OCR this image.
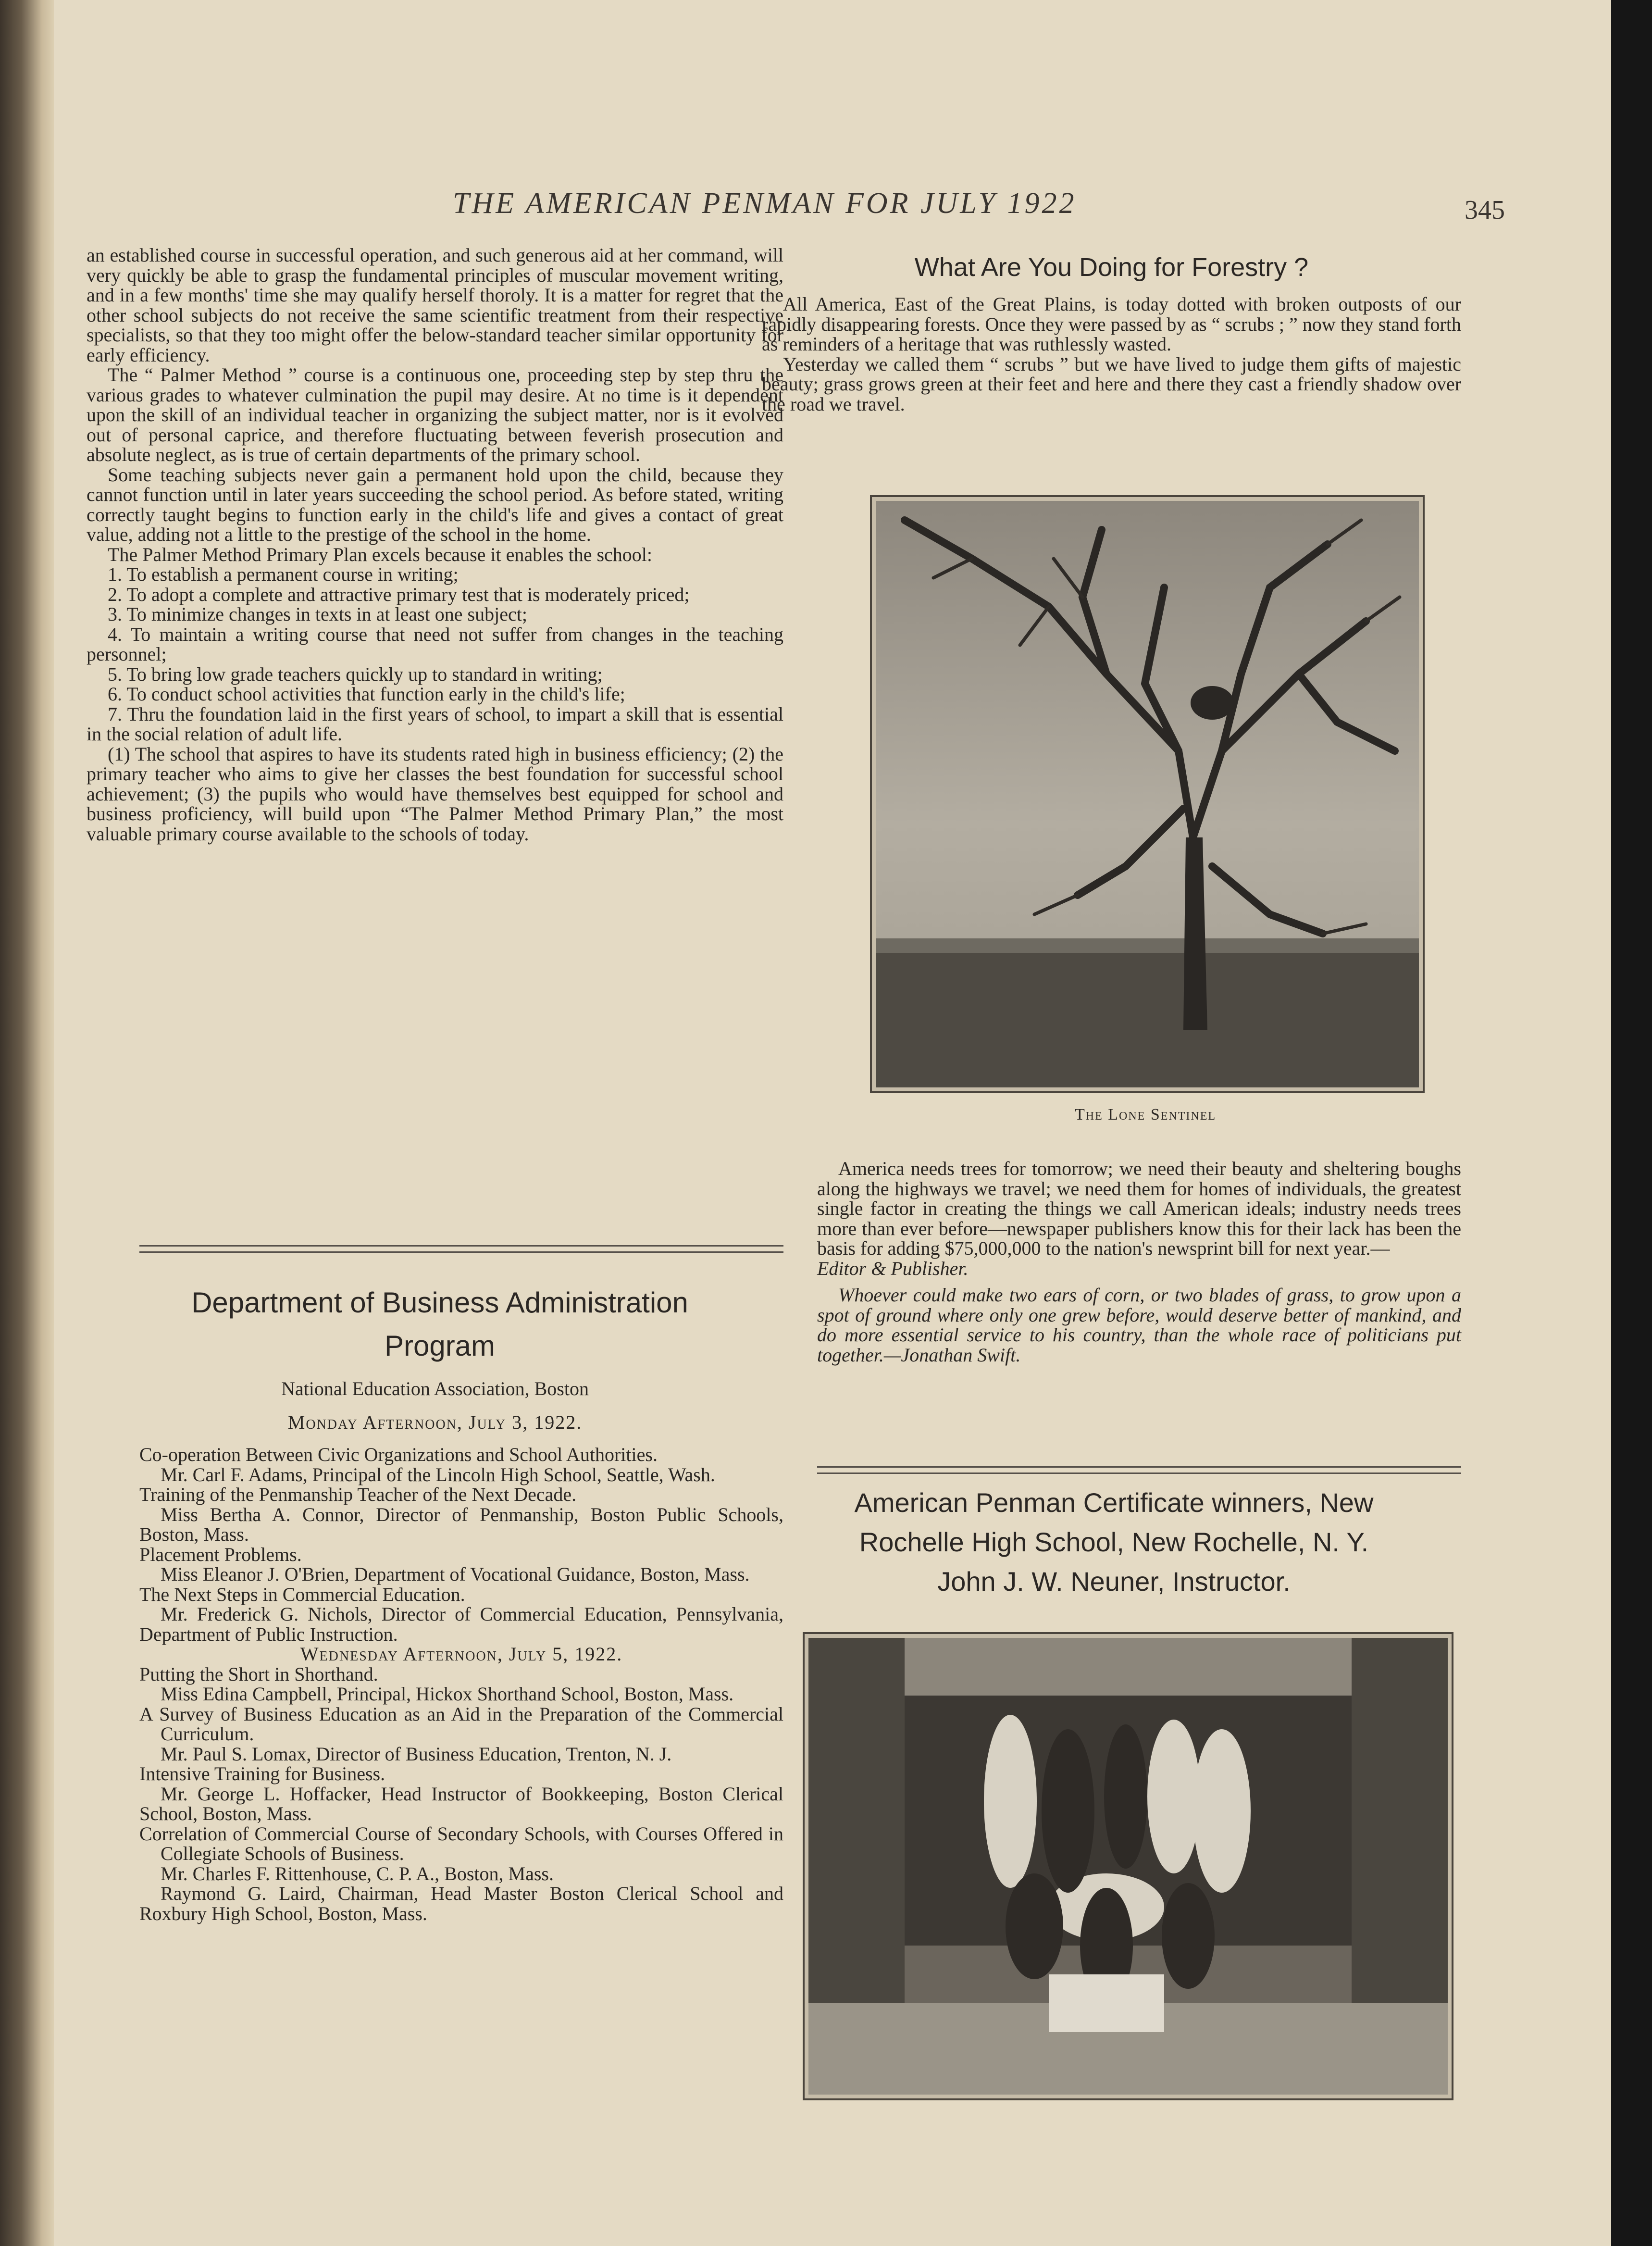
THE AMERICAN PENMAN FOR JULY 1922	345

an established course in successful operation, and such generous aid at her command, will very quickly be able to grasp the fundamental principles of muscular movement writing, and in a few months' time she may qualify herself thoroly. It is a matter for regret that the other school subjects do not receive the same scientific treatment from their respective specialists, so that they too might offer the below-standard teacher similar opportunity for early efficiency.

The “ Palmer Method ” course is a continuous one, proceeding step by step thru the various grades to whatever culmination the pupil may desire. At no time is it dependent upon the skill of an individual teacher in organizing the subject matter, nor is it evolved out of personal caprice, and therefore fluctuating between feverish prosecution and absolute neglect, as is true of certain departments of the primary school.

Some teaching subjects never gain a permanent hold upon the child, because they cannot function until in later years succeeding the school period. As before stated, writing correctly taught begins to function early in the child's life and gives a contact of great value, adding not a little to the prestige of the school in the home.

The Palmer Method Primary Plan excels because it enables the school:

1. To establish a permanent course in writing;

2. To adopt a complete and attractive primary test that is moderately priced;

3. To minimize changes in texts in at least one subject;

4. To maintain a writing course that need not suffer from changes in the teaching personnel;

5. To bring low grade teachers quickly up to standard in writing;

6. To conduct school activities that function early in the child's life;

7. Thru the foundation laid in the first years of school, to impart a skill that is essential in the social relation of adult life.

(1) The school that aspires to have its students rated high in business efficiency; (2) the primary teacher who aims to give her classes the best foundation for successful school achievement; (3) the pupils who would have themselves best equipped for school and business proficiency, will build upon “The Palmer Method Primary Plan,” the most valuable primary course available to the schools of today.

Department of Business Administration
Program
National Education Association, Boston
Monday Afternoon, July 3, 1922.

Co-operation Between Civic Organizations and School Authorities.

Mr. Carl F. Adams, Principal of the Lincoln High School, Seattle, Wash.

Training of the Penmanship Teacher of the Next Decade.

Miss Bertha A. Connor, Director of Penmanship, Boston Public Schools, Boston, Mass.

Placement Problems.

Miss Eleanor J. O'Brien, Department of Vocational Guidance, Boston, Mass.

The Next Steps in Commercial Education.

Mr. Frederick G. Nichols, Director of Commercial Education, Pennsylvania, Department of Public Instruction.

Wednesday Afternoon, July 5, 1922.

Putting the Short in Shorthand.

Miss Edina Campbell, Principal, Hickox Shorthand School, Boston, Mass.

A Survey of Business Education as an Aid in the Preparation of the Commercial Curriculum.

Mr. Paul S. Lomax, Director of Business Education, Trenton, N. J.

Intensive Training for Business.

Mr. George L. Hoffacker, Head Instructor of Bookkeeping, Boston Clerical School, Boston, Mass.

Correlation of Commercial Course of Secondary Schools, with Courses Offered in Collegiate Schools of Business.

Mr. Charles F. Rittenhouse, C. P. A., Boston, Mass.

Raymond G. Laird, Chairman, Head Master Boston Clerical School and Roxbury High School, Boston, Mass.

What Are You Doing for Forestry ?

All America, East of the Great Plains, is today dotted with broken outposts of our rapidly disappearing forests. Once they were passed by as “ scrubs ; ” now they stand forth as reminders of a heritage that was ruthlessly wasted.

Yesterday we called them “ scrubs ” but we have lived to judge them gifts of majestic beauty; grass grows green at their feet and here and there they cast a friendly shadow over the road we travel.

The Lone Sentinel

America needs trees for tomorrow; we need their beauty and sheltering boughs along the highways we travel; we need them for homes of individuals, the greatest single factor in creating the things we call American ideals; industry needs trees more than ever before—newspaper publishers know this for their lack has been the basis for adding $75,000,000 to the nation's newsprint bill for next year.—

Editor & Publisher.

Whoever could make two ears of corn, or two blades of grass, to grow upon a spot of ground where only one grew before, would deserve better of mankind, and do more essential service to his country, than the whole race of politicians put together.—Jonathan Swift.

American Penman Certificate winners, New
Rochelle High School, New Rochelle, N. Y.
John J. W. Neuner, Instructor.
